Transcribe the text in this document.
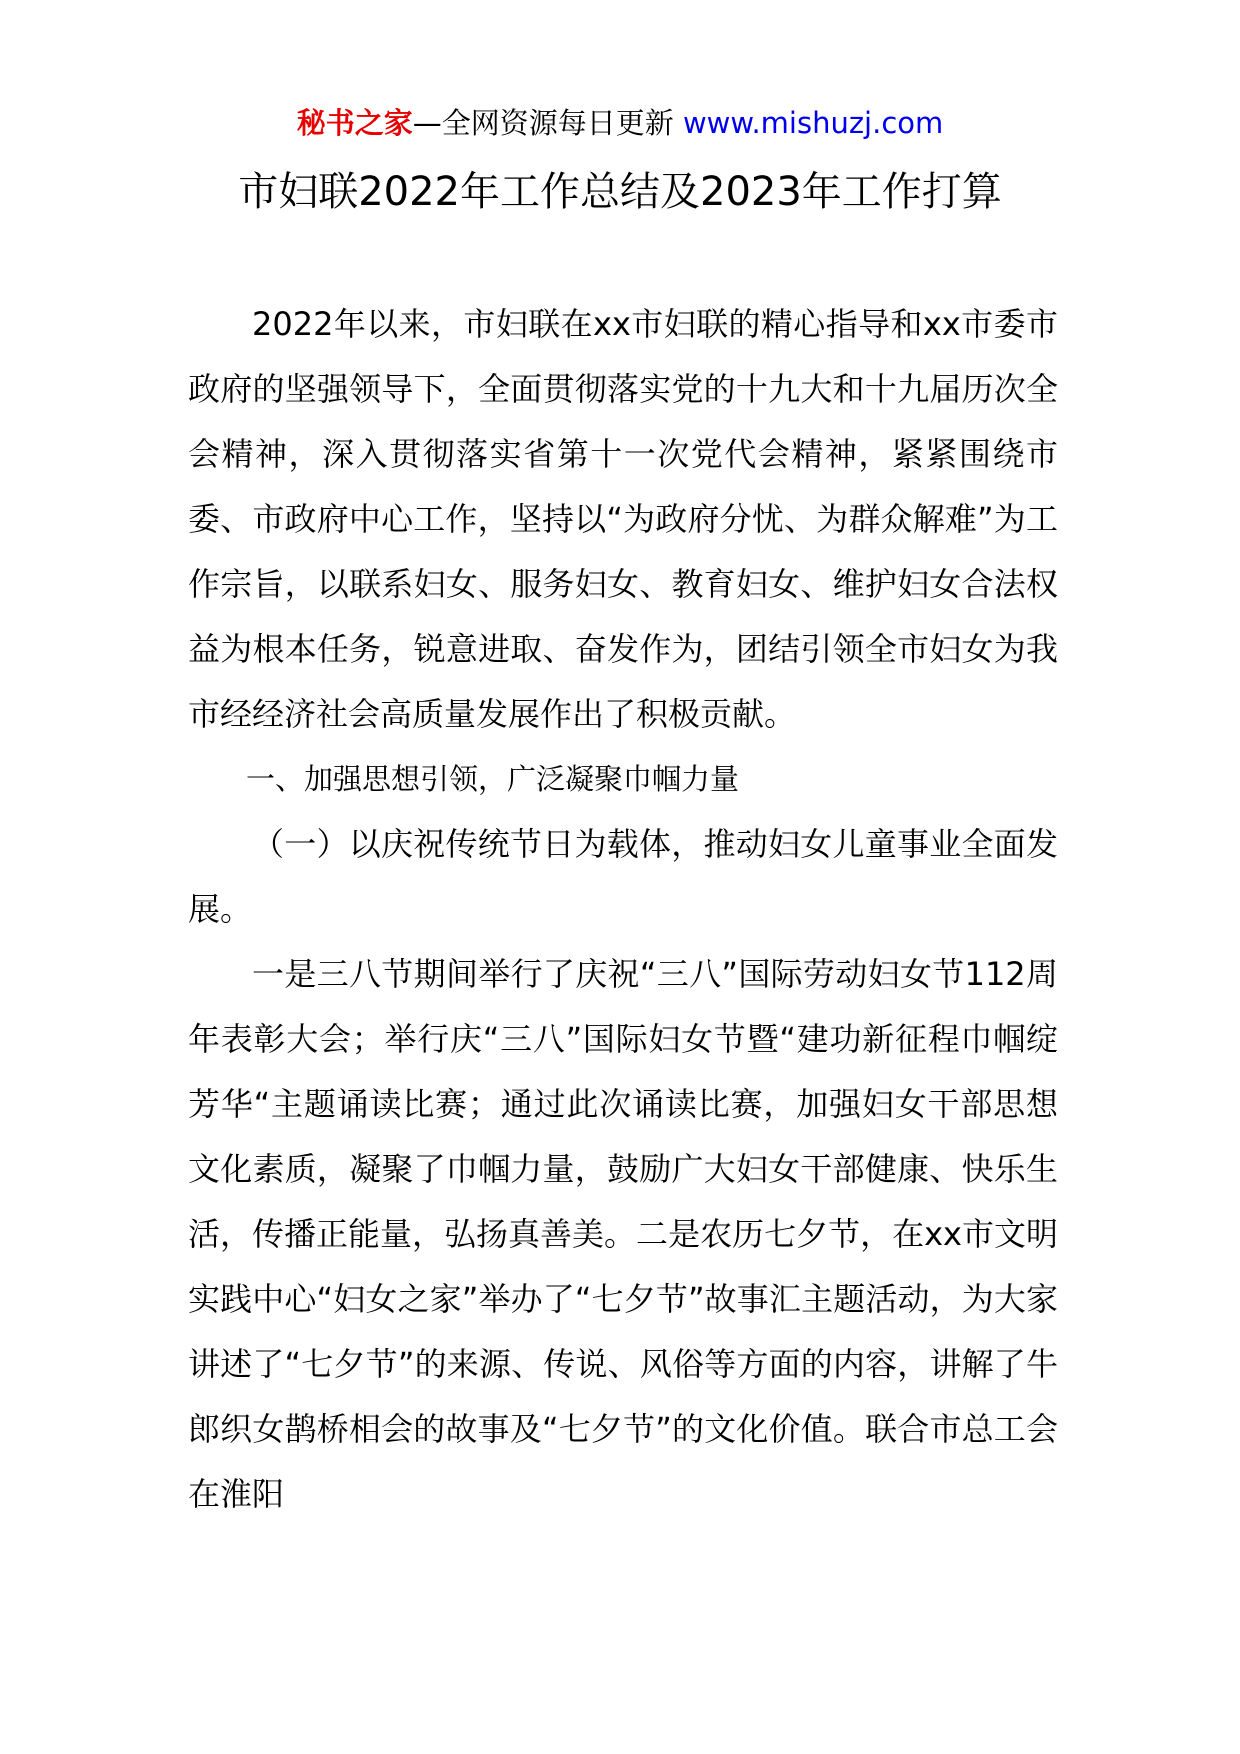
秘书之家—全网资源每日更新 www.mishuzj.com
市妇联2022年工作总结及2023年工作打算

2022年以来，市妇联在xx市妇联的精心指导和xx市委市政府的坚强领导下，全面贯彻落实党的十九大和十九届历次全会精神，深入贯彻落实省第十一次党代会精神，紧紧围绕市委、市政府中心工作，坚持以“为政府分忧、为群众解难”为工作宗旨，以联系妇女、服务妇女、教育妇女、维护妇女合法权益为根本任务，锐意进取、奋发作为，团结引领全市妇女为我市经经济社会高质量发展作出了积极贡献。

一、加强思想引领，广泛凝聚巾帼力量

（一）以庆祝传统节日为载体，推动妇女儿童事业全面发展。

一是三八节期间举行了庆祝“三八”国际劳动妇女节112周年表彰大会；举行庆“三八”国际妇女节暨“建功新征程巾帼绽芳华“主题诵读比赛；通过此次诵读比赛，加强妇女干部思想文化素质，凝聚了巾帼力量，鼓励广大妇女干部健康、快乐生活，传播正能量，弘扬真善美。二是农历七夕节，在xx市文明实践中心“妇女之家”举办了“七夕节”故事汇主题活动，为大家讲述了“七夕节”的来源、传说、风俗等方面的内容，讲解了牛郎织女鹊桥相会的故事及“七夕节”的文化价值。联合市总工会在淮阳
